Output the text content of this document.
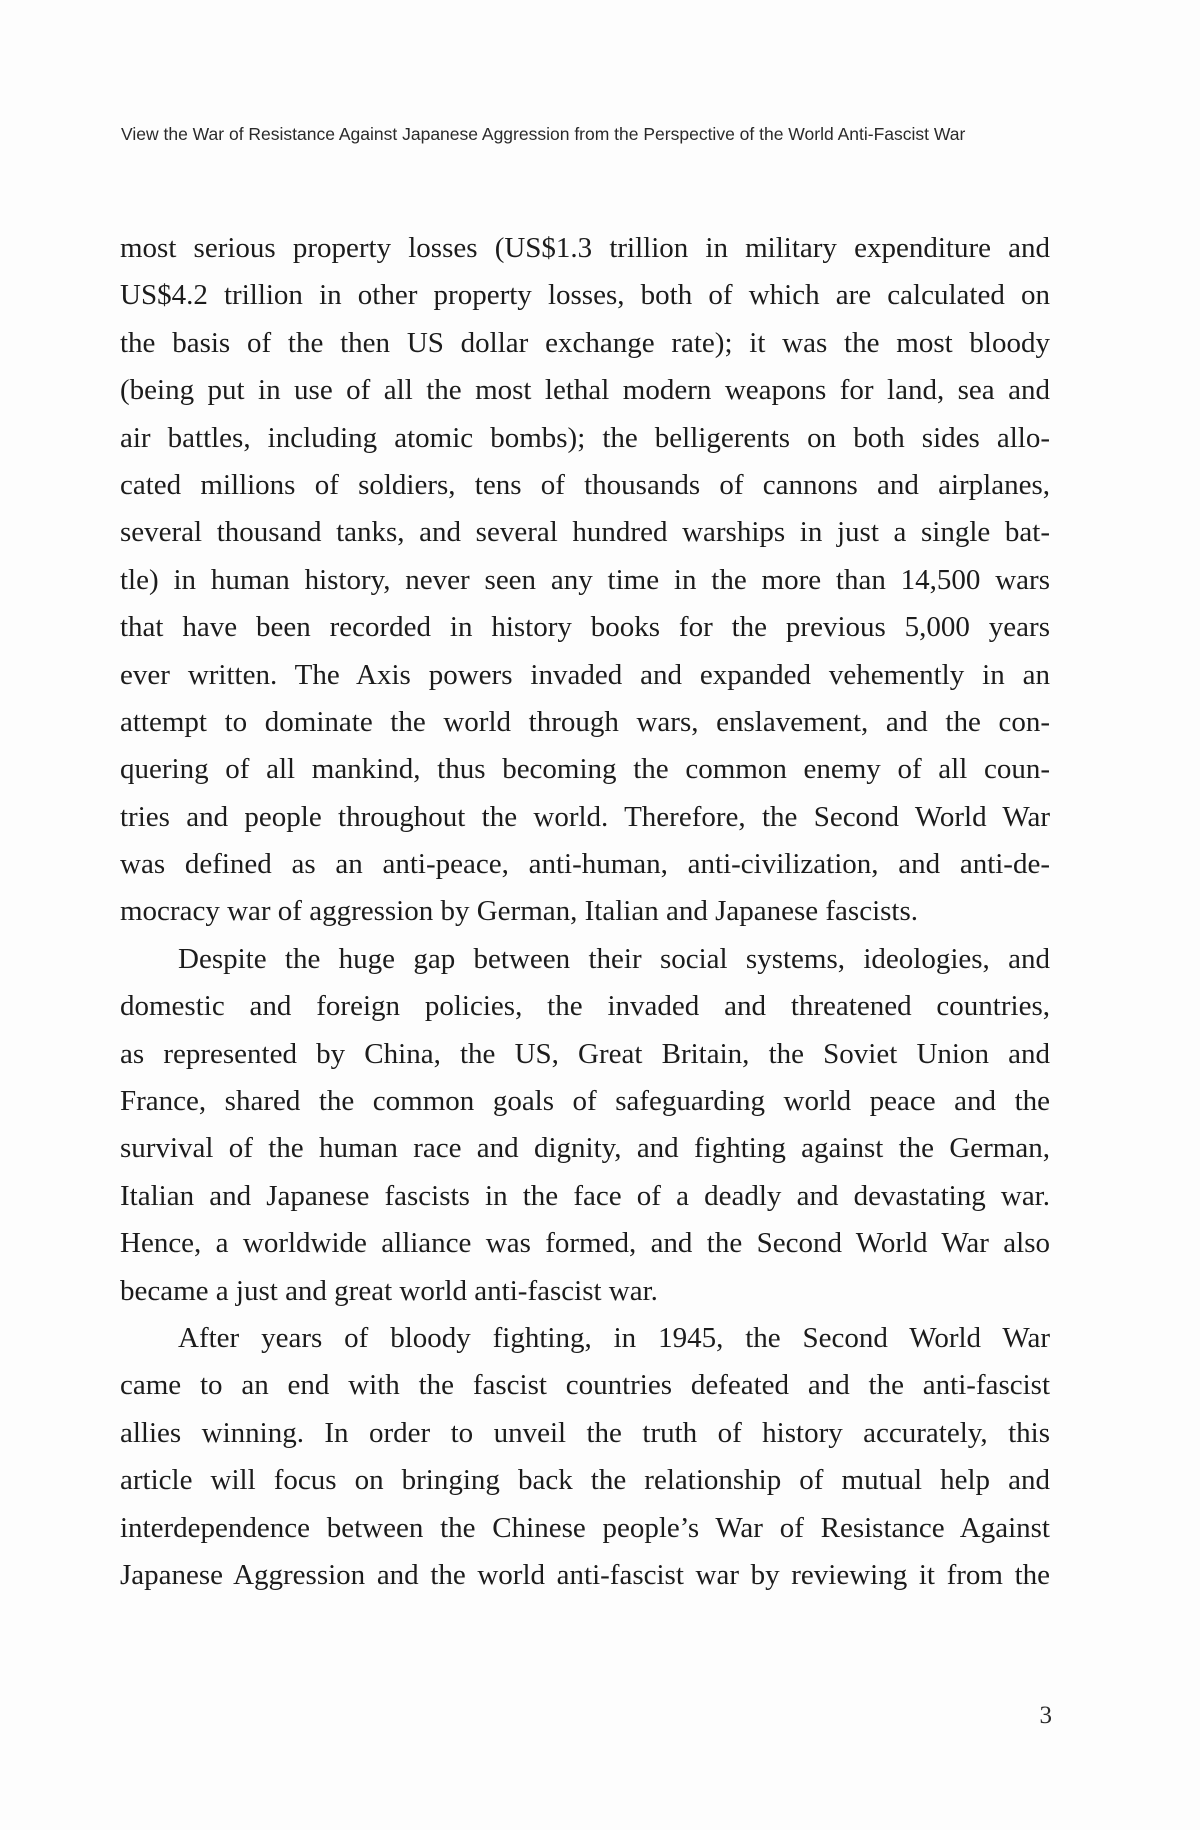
View the War of Resistance Against Japanese Aggression from the Perspective of the World Anti-Fascist War
most serious property losses (US$1.3 trillion in military expenditure and
US$4.2 trillion in other property losses, both of which are calculated on
the basis of the then US dollar exchange rate); it was the most bloody
(being put in use of all the most lethal modern weapons for land, sea and
air battles, including atomic bombs); the belligerents on both sides allo-
cated millions of soldiers, tens of thousands of cannons and airplanes,
several thousand tanks, and several hundred warships in just a single bat-
tle) in human history, never seen any time in the more than 14,500 wars
that have been recorded in history books for the previous 5,000 years
ever written. The Axis powers invaded and expanded vehemently in an
attempt to dominate the world through wars, enslavement, and the con-
quering of all mankind, thus becoming the common enemy of all coun-
tries and people throughout the world. Therefore, the Second World War
was defined as an anti-peace, anti-human, anti-civilization, and anti-de-
mocracy war of aggression by German, Italian and Japanese fascists.
Despite the huge gap between their social systems, ideologies, and
domestic and foreign policies, the invaded and threatened countries,
as represented by China, the US, Great Britain, the Soviet Union and
France, shared the common goals of safeguarding world peace and the
survival of the human race and dignity, and fighting against the German,
Italian and Japanese fascists in the face of a deadly and devastating war.
Hence, a worldwide alliance was formed, and the Second World War also
became a just and great world anti-fascist war.
After years of bloody fighting, in 1945, the Second World War
came to an end with the fascist countries defeated and the anti-fascist
allies winning. In order to unveil the truth of history accurately, this
article will focus on bringing back the relationship of mutual help and
interdependence between the Chinese people’s War of Resistance Against
Japanese Aggression and the world anti-fascist war by reviewing it from the
3
